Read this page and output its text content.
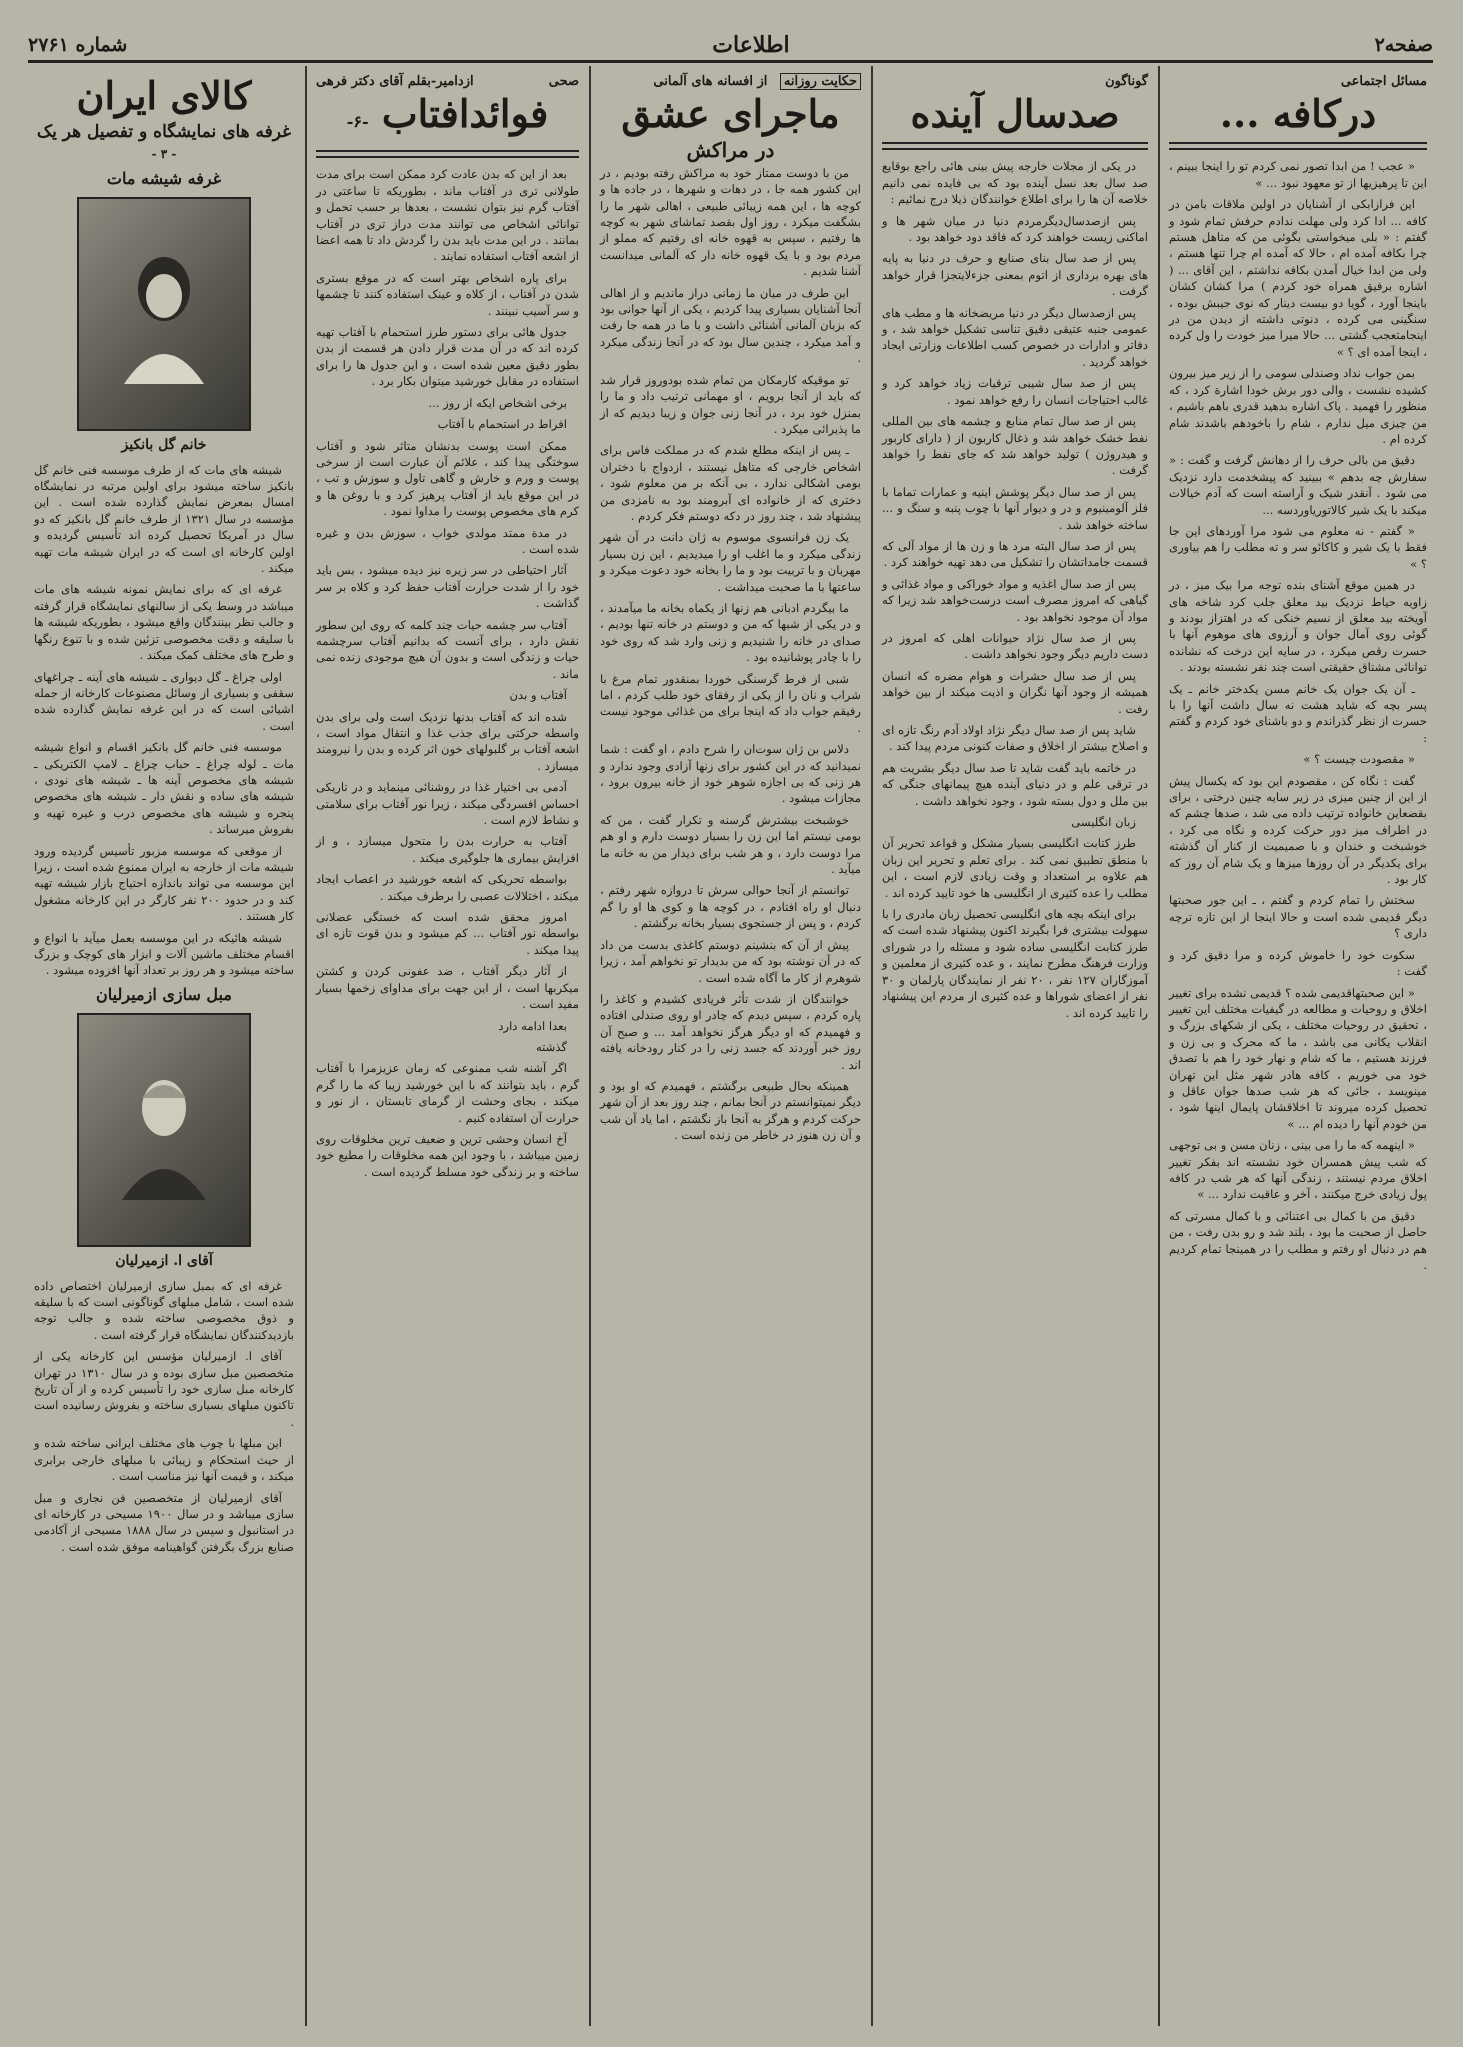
صفحه۲
اطلاعات
شماره ۲۷۶۱
مسائل اجتماعی
درکافه ...

« عجب ! من ابدا تصور نمی کردم تو را اینجا ببینم ، این تا پرهیزیها از تو معهود نبود ... »

این فرازابکی از آشنایان در اولین ملاقات بامن در کافه ... ادا کرد ولی مهلت ندادم حرفش تمام شود و گفتم : « بلی میخواستی بگوئی من که متاهل هستم چرا بکافه آمده ام ، حالا که آمده ام چرا تنها هستم ، ولی من ابدا خیال آمدن بکافه نداشتم ، این آقای ... ( اشاره برفیق همراه خود کردم ) مرا کشان کشان باینجا آورد ، گویا دو بیست دینار که نوی جیبش بوده ، سنگینی می کرده ، دنوتی داشته از دیدن من در اینجامتعجب گشتی ... حالا میرا میز خودت را ول کرده ، اینجا آمده ای ؟ »

بمن جواب نداد وصندلی سومی را از زیر میز بیرون کشیده نشست ، والی دور برش خودا اشارة کرد ، که منظور را فهمید . پاک اشاره بدهید قدری باهم باشیم ، من چیزی میل ندارم ، شام را باخودهم باشدند شام کرده ام .

دقیق من بالی حرف را از دهانش گرفت و گفت : « سفارش چه بدهم » ببینید که پیشخدمت دارد نزدیک می شود . آنقدر شیک و آراسته است که آدم خیالات میکند با یک شیر کالاتوریاوردسه ...

« گفتم - نه معلوم می شود مرا آوردهای این جا فقط با یک شیر و کاکائو سر و ته مطلب را هم بیاوری ؟ »

در همین موقع آشنای بنده توجه مرا بیک میز ، در زاویه حیاط نزدیک بید معلق جلب کرد شاخه های آویخته بید معلق از نسیم خنکی که در اهتزاز بودند و گوئی روی آمال جوان و آرزوی های موهوم آنها با حسرت رقص میکرد ، در سایه این درخت که نشانده توانائی مشتاق حقیقتی است چند نفر نشسته بودند .

ـ آن یک جوان یک خانم مسن یکدختر خانم ـ یک پسر بچه که شاید هشت نه سال داشت آنها را با حسرت از نظر گذراندم و دو باشنای خود کردم و گفتم :

« مقصودت چیست ؟ »

گفت : نگاه کن ، مقصودم این بود که یکسال پیش از این از چنین میزی در زیر سایه چنین درختی ، برای بقضعاین خانواده ترتیب داده می شد ، صدها چشم که در اطراف میز دور حرکت کرده و نگاه می کرد ، خوشبخت و خندان و با صمیمیت از کنار آن گذشته برای یکدیگر در آن روزها میزها و یک شام آن روز که کار بود .

سختش را تمام کردم و گفتم ، ـ این جور صحبتها دیگر قدیمی شده است و حالا اینجا از این تازه ترچه داری ؟

سکوت خود را خاموش کرده و مرا دقیق کرد و گفت :

« این صحبتهاقدیمی شده ؟ قدیمی نشده برای تغییر اخلاق و روحیات و مطالعه در گیفیات مختلف این تغییر ، تحقیق در روحیات مختلف ، یکی از شکهای بزرگ و انقلاب یکانی می باشد ، ما که محرک و بی زن و فرزند هستیم ، ما که شام و نهار خود را هم با تصدق خود می خوریم ، کافه هادر شهر مثل این تهران مینویسد ، جائی که هر شب صدها جوان عاقل و تحصیل کرده میروند تا اخلاقشان پایمال اینها شود ، من خودم آنها را دیده ام ... »

« اینهمه که ما را می بینی ، زنان مسن و بی توجهی که شب پیش همسران خود نشسته اند بفکر تغییر اخلاق مردم نیستند ، زندگی آنها که هر شب در کافه پول زیادی خرج میکنند ، آخر و عاقبت ندارد ... »

دقیق من با کمال بی اعتنائی و با کمال مسرتی که حاصل از صحبت ما بود ، بلند شد و رو بدن رفت ، من هم در دنبال او رفتم و مطلب را در همینجا تمام کردیم .

گوناگون
صدسال آینده

در یکی از مجلات خارجه پیش بینی هائی راجع بوقایع صد سال بعد نسل آینده بود که بی فایده نمی دانیم خلاصه آن ها را برای اطلاع خوانندگان ذیلا درج نمائیم :

پس ازصدسال‌دیگر‌مردم دنیا در میان شهر ها و اماکنی زیست خواهند کرد که فاقد دود خواهد بود .

پس از صد سال بنای صنایع و حرف در دنیا به پایه های بهره برداری از اتوم بمعنی جزءلایتجزا قرار خواهد گرفت .

پس ازصدسال دیگر در دنیا مریضخانه ها و مطب های عمومی جنبه عتیقی دقیق تناسی تشکیل خواهد شد ، و دفاتر و ادارات در خصوص کسب اطلاعات وزارتی ایجاد خواهد گردید .

پس از صد سال شیبی ترقیات زیاد خواهد کرد و غالب احتیاجات انسان را رفع خواهد نمود .

پس از صد سال تمام منابع و چشمه های بین المللی نفط خشک خواهد شد و ذغال کاربون از ( دارای کاربور و هیدروژن ) تولید خواهد شد که جای نفط را خواهد گرفت .

پس از صد سال دیگر پوشش اینیه و عمارات تماما با فلز آلومینیوم و در و دیوار آنها با چوب پنبه و سنگ و ... ساخته خواهد شد .

پس از صد سال البته مرد ها و زن ها از مواد آلی که قسمت جامداتشان را تشکیل می دهد تهیه خواهند کرد .

پس از صد سال اغذیه و مواد خوراکی و مواد غذائی و گیاهی که امروز مصرف است درست‌خواهد شد زیرا که مواد آن موجود نخواهد بود .

پس از صد سال نژاد حیوانات اهلی که امروز در دست داریم دیگر وجود نخواهد داشت .

پس از صد سال حشرات و هوام مضره که انسان همیشه از وجود آنها نگران و اذیت میکند از بین خواهد رفت .

شاید پس از صد سال دیگر نژاد اولاد آدم رنگ تازه ای و اصلاح بیشتر از اخلاق و صفات کنونی مردم پیدا کند .

در خاتمه باید گفت شاید تا صد سال دیگر بشریت هم در ترقی علم و در دنیای آینده هیچ پیمانهای جنگی که بین ملل و دول بسته شود ، وجود نخواهد داشت .

زبان انگلیسی

طرز کتابت انگلیسی بسیار مشکل و قواعد تحریر آن با منطق تطبیق نمی کند . برای تعلم و تحریر این زبان هم علاوه بر استعداد و وقت زیادی لازم است ، این مطلب را عده کثیری از انگلیسی ها خود تایید کرده اند .

برای اینکه بچه های انگلیسی تحصیل زبان مادری را با سهولت بیشتری فرا بگیرند اکنون پیشنهاد شده است که طرز کتابت انگلیسی ساده شود و مسئله را در شورای وزارت فرهنگ مطرح نمایند ، و عده کثیری از معلمین و آموزگاران ۱۲۷ نفر ، ۲۰ نفر از نمایندگان پارلمان و ۳۰ نفر از اعضای شوراها و عده کثیری از مردم این پیشنهاد را تایید کرده اند .

حکایت روزانه از افسانه های آلمانی
ماجرای عشق
در مراکش

من با دوست ممتاز خود به مراکش رفته بودیم ، در این کشور همه جا ، در دهات و شهرها ، در جاده ها و کوچه ها ، این همه زیبائی طبیعی ، اهالی شهر ما را بشگفت میکرد ، روز اول بقصد تماشای شهر به کوچه ها رفتیم ، سپس به قهوه خانه ای رفتیم که مملو از مردم بود و با یک قهوه خانه دار که آلمانی میدانست آشنا شدیم .

این طرف در میان ما زمانی دراز ماندیم و از اهالی آنجا آشنایان بسیاری پیدا کردیم ، یکی از آنها جوانی بود که بزبان آلمانی آشنائی داشت و با ما در همه جا رفت و آمد میکرد ، چندین سال بود که در آنجا زندگی میکرد .

تو موقیکه کارمکان من تمام شده بودوروز قرار شد که باید از آنجا برویم ، او مهمانی ترتیب داد و ما را بمنزل خود برد ، در آنجا زنی جوان و زیبا دیدیم که از ما پذیرائی میکرد .

ـ پس از اینکه مطلع شدم که در مملکت فاس برای اشخاص خارجی که متاهل نیستند ، ازدواج با دختران بومی اشکالی ندارد ، بی آنکه بر من معلوم شود ، دختری که از خانواده ای آبرومند بود به نامزدی من پیشنهاد شد ، چند روز در دکه دوستم فکر کردم .

یک زن فرانسوی موسوم به ژان دانت در آن شهر زندگی میکرد و ما اغلب او را میدیدیم ، این زن بسیار مهربان و با تربیت بود و ما را بخانه خود دعوت میکرد و ساعتها با ما صحبت میداشت .

ما بیگردم ادبانی هم زنها از یکماه بخانه ما میآمدند ، و در یکی از شبها که من و دوستم در خانه تنها بودیم ، صدای در خانه را شنیدیم و زنی وارد شد که روی خود را با چادر پوشانیده بود .

شبی از فرط گرسنگی خوردا بمنقدور تمام مرغ با شراب و نان را از یکی از رفقای خود طلب کردم ، اما رفیقم جواب داد که اینجا برای من غذائی موجود نیست .

دلاس بن ژان سوت‌ان را شرح دادم ، او گفت : شما نمیدانید که در این کشور برای زنها آزادی وجود ندارد و هر زنی که بی اجازه شوهر خود از خانه بیرون برود ، مجازات میشود .

خوشبخت بیشترش گرسنه و تکرار گفت ، من که بومی نیستم اما این زن را بسیار دوست دارم و او هم مرا دوست دارد ، و هر شب برای دیدار من به خانه ما میآید .

توانستم از آنجا حوالی سرش تا دروازه شهر رفتم ، دنبال او راه افتادم ، در کوچه ها و کوی ها او را گم کردم ، و پس از جستجوی بسیار بخانه برگشتم .

پیش از آن که بنشینم دوستم کاغذی بدست من داد که در آن نوشته بود که من بدیدار تو نخواهم آمد ، زیرا شوهرم از کار ما آگاه شده است .

خوانندگان از شدت تأثر فریادی کشیدم و کاغذ را پاره کردم ، سپس دیدم که چادر او روی صندلی افتاده و فهمیدم که او دیگر هرگز نخواهد آمد ... و صبح آن روز خبر آوردند که جسد زنی را در کنار رودخانه یافته اند .

همینکه بحال طبیعی برگشتم ، فهمیدم که او بود و دیگر نمیتوانستم در آنجا بمانم ، چند روز بعد از آن شهر حرکت کردم و هرگز به آنجا باز نگشتم ، اما یاد آن شب و آن زن هنوز در خاطر من زنده است .

صحی
ازدامیر-بقلم آقای دکتر فرهی
فوائدافتاب -۶-

بعد از این که بدن عادت کرد ممکن است برای مدت طولانی تری در آفتاب ماند ، بطوریکه تا ساعتی در آفتاب گرم نیز بتوان نشست ، بعدها بر حسب تحمل و توانائی اشخاص می توانند مدت دراز تری در آفتاب بمانند . در این مدت باید بدن را گردش داد تا همه اعضا از اشعه آفتاب استفاده نمایند .

برای پاره اشخاص بهتر است که در موقع بستری شدن در آفتاب ، از کلاه و عینک استفاده کنند تا چشمها و سر آسیب نبینند .

جدول هائی برای دستور طرز استحمام با آفتاب تهیه کرده اند که در آن مدت قرار دادن هر قسمت از بدن بطور دقیق معین شده است ، و این جدول ها را برای استفاده در مقابل خورشید میتوان بکار برد .

برخی اشخاص ایکه از روز ...

افراط در استحمام با آفتاب

ممکن است پوست بدنشان متاثر شود و آفتاب سوختگی پیدا کند ، علائم آن عبارت است از سرخی پوست و ورم و خارش و گاهی تاول و سوزش و تب ، در این موقع باید از آفتاب پرهیز کرد و با روغن ها و کرم های مخصوص پوست را مداوا نمود .

در مدة ممتد مولدی خواب ، سوزش بدن و غیره شده است .

آثار احتیاطی در سر زیره نیز دیده میشود ، بس باید خود را از شدت حرارت آفتاب حفظ کرد و کلاه بر سر گذاشت .

آفتاب سر چشمه حیات چند کلمه که روی این سطور نقش دارد ، برای آنست که بدانیم آفتاب سرچشمه حیات و زندگی است و بدون آن هیچ موجودی زنده نمی ماند .

آفتاب و بدن

شده اند که آفتاب بدنها نزدیک است ولی برای بدن واسطه حرکتی برای جذب غذا و انتقال مواد است ، اشعه آفتاب بر گلبولهای خون اثر کرده و بدن را نیرومند میسازد .

آدمی بی اختیار غذا در روشنائی مینماید و در تاریکی احساس افسردگی میکند ، زیرا نور آفتاب برای سلامتی و نشاط لازم است .

آفتاب به حرارت بدن را متحول میسازد ، و از افزایش بیماری ها جلوگیری میکند .

بواسطه تحریکی که اشعه خورشید در اعصاب ایجاد میکند ، اختلالات عصبی را برطرف میکند .

امروز محقق شده است که خستگی عضلانی بواسطه نور آفتاب ... کم میشود و بدن قوت تازه ای پیدا میکند .

از آثار دیگر آفتاب ، ضد عفونی کردن و کشتن میکربها است ، از این جهت برای مداوای زخمها بسیار مفید است .

بعدا ادامه دارد

گذشته

اگر آشنه شب ممنوعی که زمان عزیزمرا با آفتاب گرم ، باید بتوانند که با این خورشید زیبا که ما را گرم میکند ، بجای وحشت از گرمای تابستان ، از نور و حرارت آن استفاده کنیم .

آخ انسان وحشی ترین و ضعیف ترین مخلوقات روی زمین میباشد ، با وجود این همه مخلوقات را مطیع خود ساخته و بر زندگی خود مسلط گردیده است .

کالای ایران
غرفه های نمایشگاه و تفصیل هر یک
- ۳ -
غرفه شیشه مات
خانم گل بانکیز

شیشه های مات که از طرف موسسه فنی خانم گل بانکیز ساخته میشود برای اولین مرتبه در نمایشگاه امسال بمعرض نمایش گذارده شده است . این مؤسسه در سال ۱۳۲۱ از طرف خانم گل بانکیز که دو سال در آمریکا تحصیل کرده اند تأسیس گردیده و اولین کارخانه ای است که در ایران شیشه مات تهیه میکند .

غرفه ای که برای نمایش نمونه شیشه های مات میباشد در وسط یکی از سالنهای نمایشگاه قرار گرفته و جالب نظر بینندگان واقع میشود ، بطوریکه شیشه ها با سلیقه و دقت مخصوصی تزئین شده و با تنوع رنگها و طرح های مختلف کمک میکند .

اولی چراغ ـ گل دیواری ـ شیشه های آینه ـ چراغهای سقفی و بسیاری از وسائل مصنوعات کارخانه از جمله اشیائی است که در این غرفه نمایش گذارده شده است .

موسسه فنی خانم گل بانکیز اقسام و انواع شیشه مات ـ لوله چراغ ـ حباب چراغ ـ لامپ الکتریکی ـ شیشه های مخصوص آینه ها ـ شیشه های نودی ، شیشه های ساده و نقش دار ـ شیشه های مخصوص پنجره و شیشه های مخصوص درب و غیره تهیه و بفروش میرساند .

از موقعی که موسسه مزبور تأسیس گردیده ورود شیشه مات از خارجه به ایران ممنوع شده است ، زیرا این موسسه می تواند باندازه احتیاج بازار شیشه تهیه کند و در حدود ۲۰۰ نفر کارگر در این کارخانه مشغول کار هستند .

شیشه هائیکه در این موسسه بعمل میآید با انواع و اقسام مختلف ماشین آلات و ابزار های کوچک و بزرگ ساخته میشود و هر روز بر تعداد آنها افزوده میشود .

مبل سازی ازمیرلیان
آقای ا. ازمیرلیان

غرفه ای که بمبل سازی ازمیرلیان اختصاص داده شده است ، شامل مبلهای گوناگونی است که با سلیقه و ذوق مخصوصی ساخته شده و جالب توجه بازدیدکنندگان نمایشگاه قرار گرفته است .

آقای ا. ازمیرلیان مؤسس این کارخانه یکی از متخصصین مبل سازی بوده و در سال ۱۳۱۰ در تهران کارخانه مبل سازی خود را تأسیس کرده و از آن تاریخ تاکنون مبلهای بسیاری ساخته و بفروش رسانیده است .

این مبلها با چوب های مختلف ایرانی ساخته شده و از حیث استحکام و زیبائی با مبلهای خارجی برابری میکند ، و قیمت آنها نیز مناسب است .

آقای ازمیرلیان از متخصصین فن نجاری و مبل سازی میباشد و در سال ۱۹۰۰ مسیحی در کارخانه ای در استانبول و سپس در سال ۱۸۸۸ مسیحی از آکادمی صنایع بزرگ بگرفتن گواهینامه موفق شده است .
